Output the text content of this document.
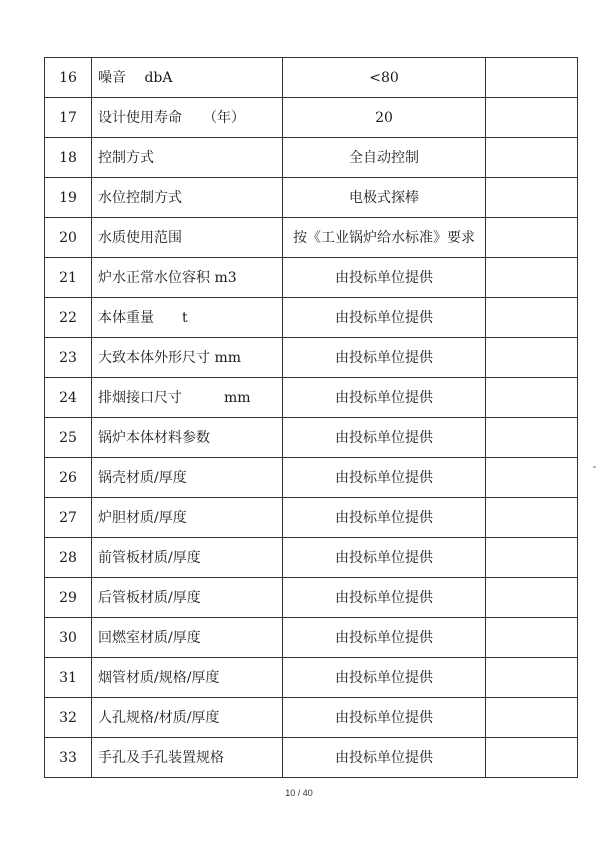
16	噪音　 dbA	<80	
17	设计使用寿命　　（年）	20	
18	控制方式	全自动控制	
19	水位控制方式	电极式探棒	
20	水质使用范围	按《工业锅炉给水标准》要求	
21	炉水正常水位容积 m3	由投标单位提供	
22	本体重量　　t	由投标单位提供	
23	大致本体外形尺寸 mm	由投标单位提供	
24	排烟接口尺寸　　　mm	由投标单位提供	
25	锅炉本体材料参数	由投标单位提供	
26	锅壳材质/厚度	由投标单位提供	
27	炉胆材质/厚度	由投标单位提供	
28	前管板材质/厚度	由投标单位提供	
29	后管板材质/厚度	由投标单位提供	
30	回燃室材质/厚度	由投标单位提供	
31	烟管材质/规格/厚度	由投标单位提供	
32	人孔规格/材质/厚度	由投标单位提供	
33	手孔及手孔装置规格	由投标单位提供	
10 / 40
